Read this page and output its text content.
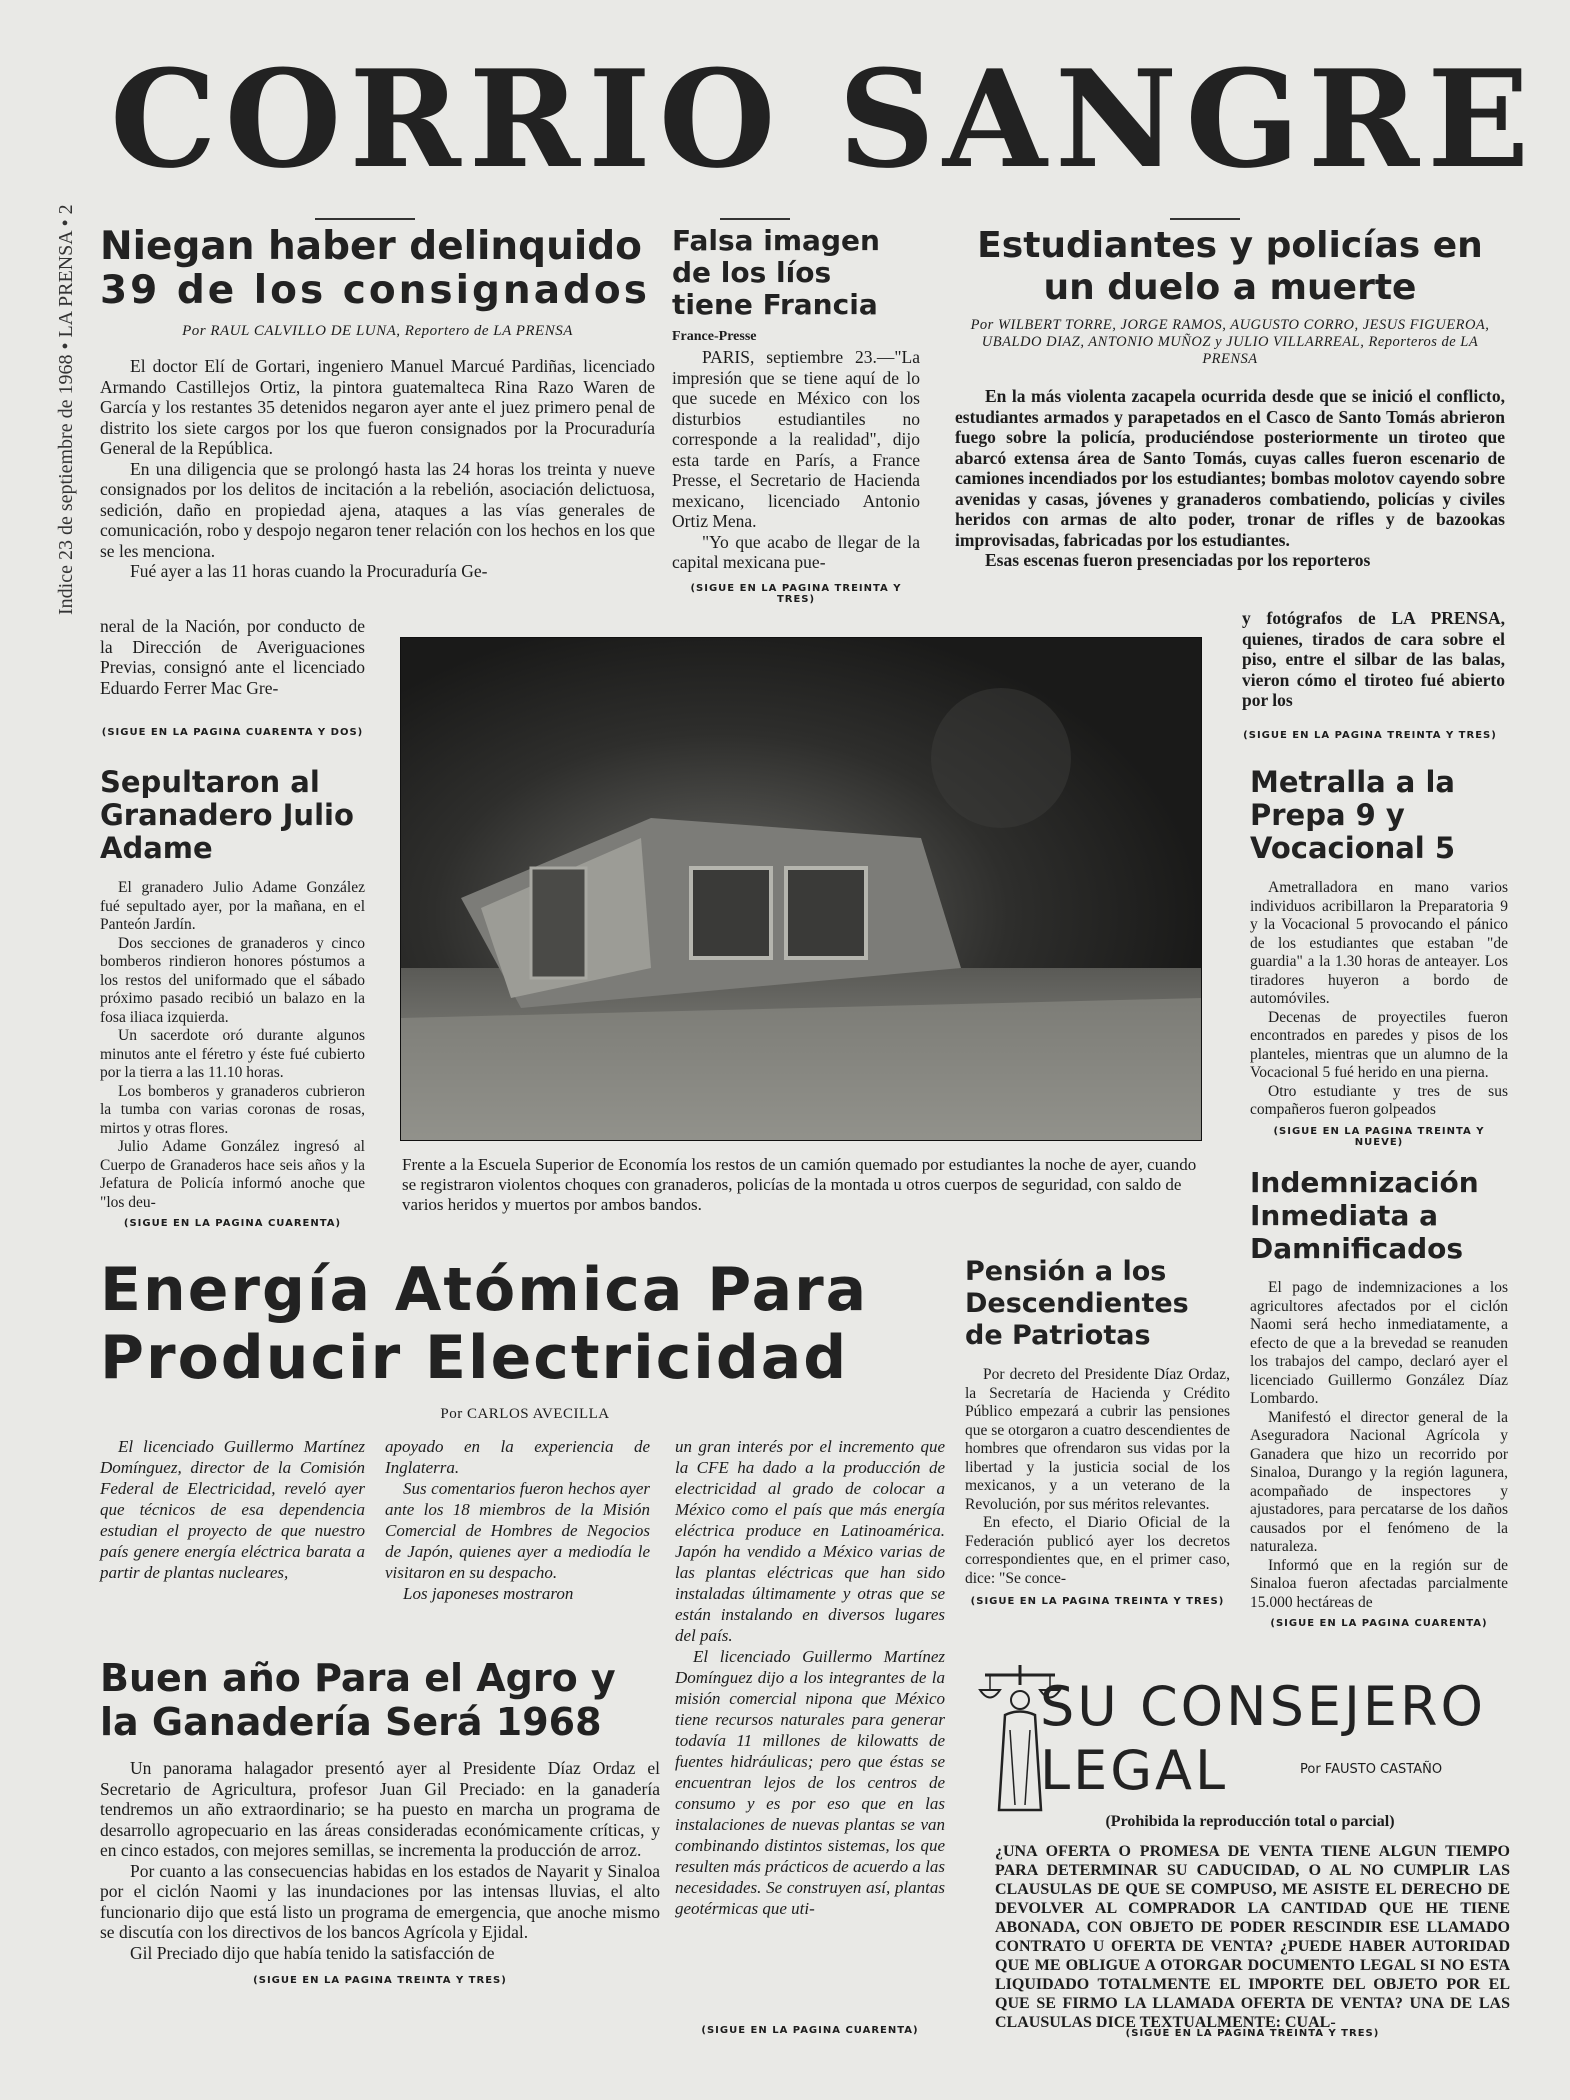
CORRIO SANGRE
Indice 23 de septiembre de 1968 • LA PRENSA • 2 Niegan haber delinquido
39 de los consignados
Por RAUL CALVILLO DE LUNA, Reportero de LA PRENSA

El doctor Elí de Gortari, ingeniero Manuel Marcué Pardiñas, licenciado Armando Castillejos Ortiz, la pintora guatemalteca Rina Razo Waren de García y los restantes 35 detenidos negaron ayer ante el juez primero penal de distrito los siete cargos por los que fueron consignados por la Procuraduría General de la República.

En una diligencia que se prolongó hasta las 24 horas los treinta y nueve consignados por los delitos de incitación a la rebelión, asociación delictuosa, sedición, daño en propiedad ajena, ataques a las vías generales de comunicación, robo y despojo negaron tener relación con los hechos en los que se les menciona.

Fué ayer a las 11 horas cuando la Procuraduría Ge-

neral de la Nación, por conducto de la Dirección de Averiguaciones Previas, consignó ante el licenciado Eduardo Ferrer Mac Gre-

(SIGUE EN LA PAGINA CUARENTA Y DOS)
Falsa imagen de los líos tiene Francia
France-Presse

PARIS, septiembre 23.—"La impresión que se tiene aquí de lo que sucede en México con los disturbios estudiantiles no corresponde a la realidad", dijo esta tarde en París, a France Presse, el Secretario de Hacienda mexicano, licenciado Antonio Ortiz Mena.

"Yo que acabo de llegar de la capital mexicana pue-

(SIGUE EN LA PAGINA TREINTA Y TRES)
Estudiantes y policías en un duelo a muerte
Por WILBERT TORRE, JORGE RAMOS, AUGUSTO CORRO, JESUS FIGUEROA, UBALDO DIAZ, ANTONIO MUÑOZ y JULIO VILLARREAL, Reporteros de LA PRENSA

En la más violenta zacapela ocurrida desde que se inició el conflicto, estudiantes armados y parapetados en el Casco de Santo Tomás abrieron fuego sobre la policía, produciéndose posteriormente un tiroteo que abarcó extensa área de Santo Tomás, cuyas calles fueron escenario de camiones incendiados por los estudiantes; bombas molotov cayendo sobre avenidas y casas, jóvenes y granaderos combatiendo, policías y civiles heridos con armas de alto poder, tronar de rifles y de bazookas improvisadas, fabricadas por los estudiantes.

Esas escenas fueron presenciadas por los reporteros

y fotógrafos de LA PRENSA, quienes, tirados de cara sobre el piso, entre el silbar de las balas, vieron cómo el tiroteo fué abierto por los

(SIGUE EN LA PAGINA TREINTA Y TRES)
Frente a la Escuela Superior de Economía los restos de un camión quemado por estudiantes la noche de ayer, cuando se registraron violentos choques con granaderos, policías de la montada u otros cuerpos de seguridad, con saldo de varios heridos y muertos por ambos bandos.
Sepultaron al Granadero Julio Adame

El granadero Julio Adame González fué sepultado ayer, por la mañana, en el Panteón Jardín.

Dos secciones de granaderos y cinco bomberos rindieron honores póstumos a los restos del uniformado que el sábado próximo pasado recibió un balazo en la fosa iliaca izquierda.

Un sacerdote oró durante algunos minutos ante el féretro y éste fué cubierto por la tierra a las 11.10 horas.

Los bomberos y granaderos cubrieron la tumba con varias coronas de rosas, mirtos y otras flores.

Julio Adame González ingresó al Cuerpo de Granaderos hace seis años y la Jefatura de Policía informó anoche que "los deu-

(SIGUE EN LA PAGINA CUARENTA)
Metralla a la Prepa 9 y Vocacional 5

Ametralladora en mano varios individuos acribillaron la Preparatoria 9 y la Vocacional 5 provocando el pánico de los estudiantes que estaban "de guardia" a la 1.30 horas de anteayer. Los tiradores huyeron a bordo de automóviles.

Decenas de proyectiles fueron encontrados en paredes y pisos de los planteles, mientras que un alumno de la Vocacional 5 fué herido en una pierna.

Otro estudiante y tres de sus compañeros fueron golpeados

(SIGUE EN LA PAGINA TREINTA Y NUEVE)
Indemnización Inmediata a Damnificados

El pago de indemnizaciones a los agricultores afectados por el ciclón Naomi será hecho inmediatamente, a efecto de que a la brevedad se reanuden los trabajos del campo, declaró ayer el licenciado Guillermo González Díaz Lombardo.

Manifestó el director general de la Aseguradora Nacional Agrícola y Ganadera que hizo un recorrido por Sinaloa, Durango y la región lagunera, acompañado de inspectores y ajustadores, para percatarse de los daños causados por el fenómeno de la naturaleza.

Informó que en la región sur de Sinaloa fueron afectadas parcialmente 15.000 hectáreas de

(SIGUE EN LA PAGINA CUARENTA)
Energía Atómica Para
Producir Electricidad
Por CARLOS AVECILLA

El licenciado Guillermo Martínez Domínguez, director de la Comisión Federal de Electricidad, reveló ayer que técnicos de esa dependencia estudian el proyecto de que nuestro país genere energía eléctrica barata a partir de plantas nucleares,

apoyado en la experiencia de Inglaterra.

Sus comentarios fueron hechos ayer ante los 18 miembros de la Misión Comercial de Hombres de Negocios de Japón, quienes ayer a mediodía le visitaron en su despacho.

Los japoneses mostraron

un gran interés por el incremento que la CFE ha dado a la producción de electricidad al grado de colocar a México como el país que más energía eléctrica produce en Latinoamérica. Japón ha vendido a México varias de las plantas eléctricas que han sido instaladas últimamente y otras que se están instalando en diversos lugares del país.

El licenciado Guillermo Martínez Domínguez dijo a los integrantes de la misión comercial nipona que México tiene recursos naturales para generar todavía 11 millones de kilowatts de fuentes hidráulicas; pero que éstas se encuentran lejos de los centros de consumo y es por eso que en las instalaciones de nuevas plantas se van combinando distintos sistemas, los que resulten más prácticos de acuerdo a las necesidades. Se construyen así, plantas geotérmicas que uti-

(SIGUE EN LA PAGINA CUARENTA)
Buen año Para el Agro y
la Ganadería Será 1968

Un panorama halagador presentó ayer al Presidente Díaz Ordaz el Secretario de Agricultura, profesor Juan Gil Preciado: en la ganadería tendremos un año extraordinario; se ha puesto en marcha un programa de desarrollo agropecuario en las áreas consideradas económicamente críticas, y en cinco estados, con mejores semillas, se incrementa la producción de arroz.

Por cuanto a las consecuencias habidas en los estados de Nayarit y Sinaloa por el ciclón Naomi y las inundaciones por las intensas lluvias, el alto funcionario dijo que está listo un programa de emergencia, que anoche mismo se discutía con los directivos de los bancos Agrícola y Ejidal.

Gil Preciado dijo que había tenido la satisfacción de

(SIGUE EN LA PAGINA TREINTA Y TRES)
Pensión a los Descendientes de Patriotas

Por decreto del Presidente Díaz Ordaz, la Secretaría de Hacienda y Crédito Público empezará a cubrir las pensiones que se otorgaron a cuatro descendientes de hombres que ofrendaron sus vidas por la libertad y la justicia social de los mexicanos, y a un veterano de la Revolución, por sus méritos relevantes.

En efecto, el Diario Oficial de la Federación publicó ayer los decretos correspondientes que, en el primer caso, dice: "Se conce-

(SIGUE EN LA PAGINA TREINTA Y TRES)
SU CONSEJERO
LEGAL	Por FAUSTO CASTAÑO
(Prohibida la reproducción total o parcial)
¿UNA OFERTA O PROMESA DE VENTA TIENE ALGUN TIEMPO PARA DETERMINAR SU CADUCIDAD, O AL NO CUMPLIR LAS CLAUSULAS DE QUE SE COMPUSO, ME ASISTE EL DERECHO DE DEVOLVER AL COMPRADOR LA CANTIDAD QUE HE TIENE ABONADA, CON OBJETO DE PODER RESCINDIR ESE LLAMADO CONTRATO U OFERTA DE VENTA? ¿PUEDE HABER AUTORIDAD QUE ME OBLIGUE A OTORGAR DOCUMENTO LEGAL SI NO ESTA LIQUIDADO TOTALMENTE EL IMPORTE DEL OBJETO POR EL QUE SE FIRMO LA LLAMADA OFERTA DE VENTA? UNA DE LAS CLAUSULAS DICE TEXTUALMENTE: CUAL-
(SIGUE EN LA PAGINA TREINTA Y TRES)
